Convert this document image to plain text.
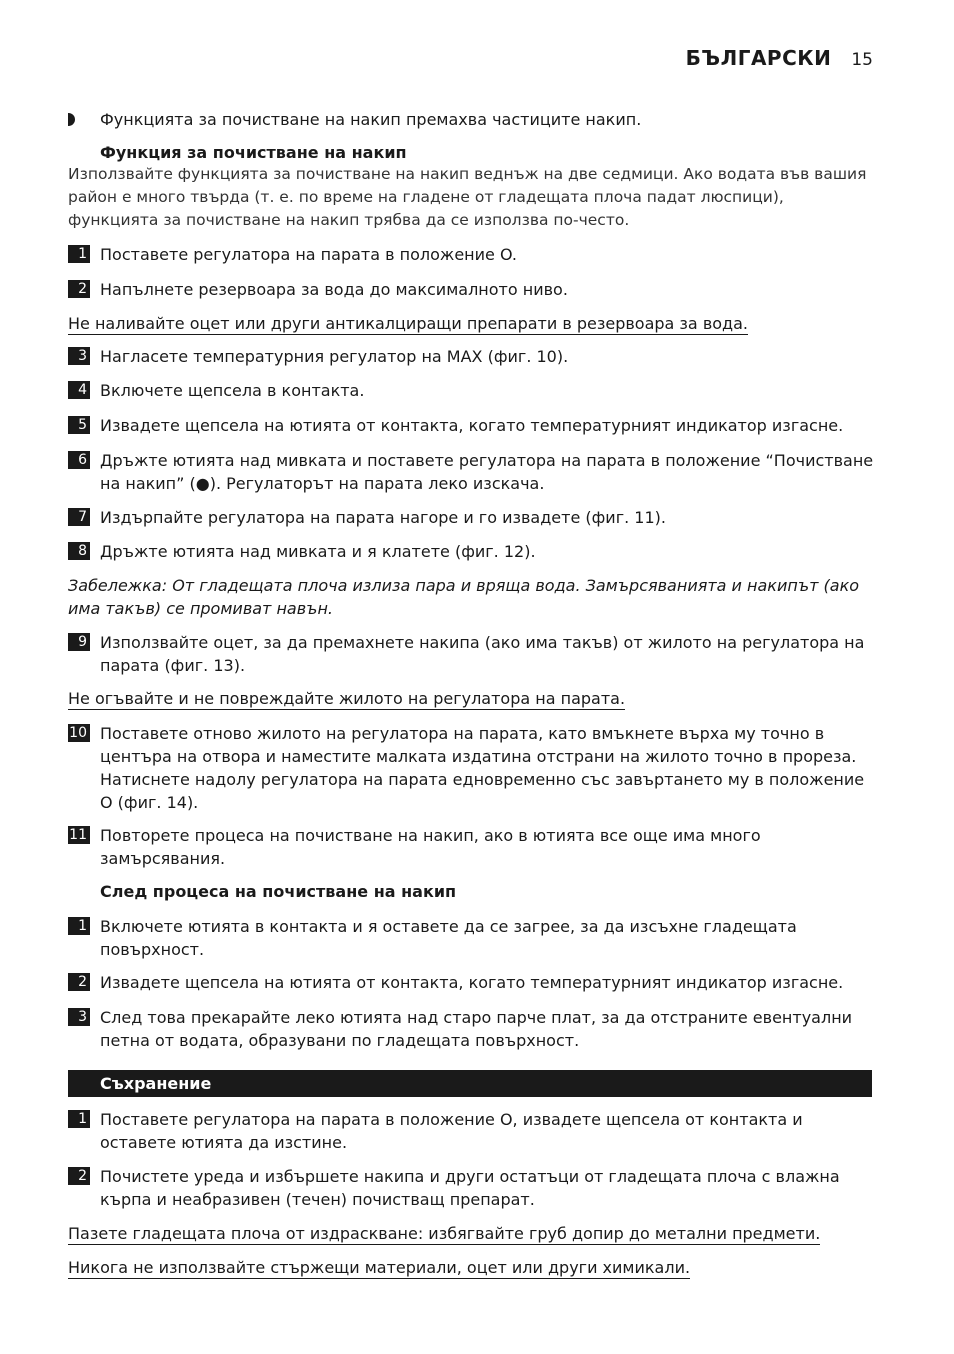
БЪЛГАРСКИ 15
Функцията за почистване на накип премахва частиците накип.
Функция за почистване на накип
Използвайте функцията за почистване на накип веднъж на две седмици. Ако водата във вашия район е много твърда (т. е. по време на гладене от гладещата плоча падат люспици), функцията за почистване на накип трябва да се използва по-често.
1 Поставете регулатора на парата в положение O.
2 Напълнете резервоара за вода до максималното ниво.
Не наливайте оцет или други антикалциращи препарати в резервоара за вода.
3 Нагласете температурния регулатор на MAX (фиг. 10).
4 Включете щепсела в контакта.
5 Извадете щепсела на ютията от контакта, когато температурният индикатор изгасне.
6 Дръжте ютията над мивката и поставете регулатора на парата в положение “Почистване на накип” (●). Регулаторът на парата леко изскача.
7 Издърпайте регулатора на парата нагоре и го извадете (фиг. 11).
8 Дръжте ютията над мивката и я клатете (фиг. 12).
Забележка: От гладещата плоча излиза пара и вряща вода. Замърсяванията и накипът (ако има такъв) се промиват навън.
9 Използвайте оцет, за да премахнете накипа (ако има такъв) от жилото на регулатора на парата (фиг. 13).
Не огъвайте и не повреждайте жилото на регулатора на парата.
10 Поставете отново жилото на регулатора на парата, като вмъкнете върха му точно в центъра на отвора и наместите малката издатина отстрани на жилото точно в прореза. Натиснете надолу регулатора на парата едновременно със завъртането му в положение O (фиг. 14).
11 Повторете процеса на почистване на накип, ако в ютията все още има много замърсявания.
След процеса на почистване на накип
1 Включете ютията в контакта и я оставете да се загрее, за да изсъхне гладещата повърхност.
2 Извадете щепсела на ютията от контакта, когато температурният индикатор изгасне.
3 След това прекарайте леко ютията над старо парче плат, за да отстраните евентуални петна от водата, образувани по гладещата повърхност.
Съхранение
1 Поставете регулатора на парата в положение O, извадете щепсела от контакта и оставете ютията да изстине.
2 Почистете уреда и избършете накипа и други остатъци от гладещата плоча с влажна кърпа и неабразивен (течен) почистващ препарат.
Пазете гладещата плоча от издраскване: избягвайте груб допир до метални предмети.
Никога не използвайте стържещи материали, оцет или други химикали.
